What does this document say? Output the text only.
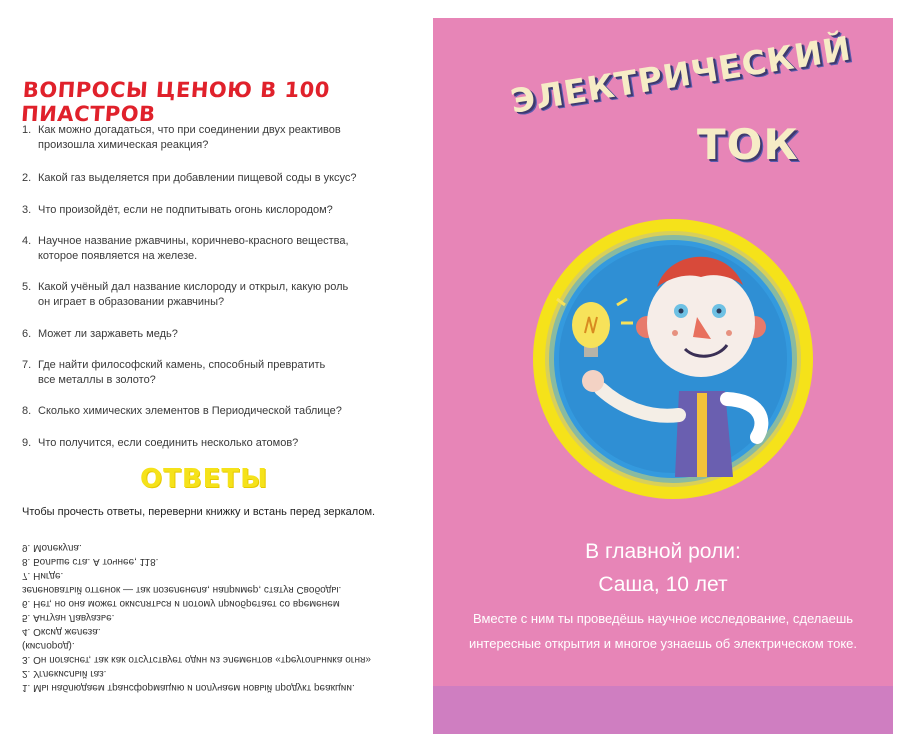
ВОПРОСЫ ЦЕНОЮ В 100 ПИАСТРОВ
1. Как можно догадаться, что при соединении двух реактивов
произошла химическая реакция?
2. Какой газ выделяется при добавлении пищевой соды в уксус?
3. Что произойдёт, если не подпитывать огонь кислородом?
4. Научное название ржавчины, коричнево-красного вещества,
которое появляется на железе.
5. Какой учёный дал название кислороду и открыл, какую роль
он играет в образовании ржавчины?
6. Может ли заржаветь медь?
7. Где найти философский камень, способный превратить
все металлы в золото?
8. Сколько химических элементов в Периодической таблице?
9. Что получится, если соединить несколько атомов?
ОТВЕТЫ
Чтобы прочесть ответы, переверни книжку и встань перед зеркалом.
1. Мы наблюдаем трансформацию и получаем новый продукт реакции.
2. Углекислый газ.
3. Он погаснет, так как отсутствует один из элементов «треугольника огня»
(кислород).
4. Оксид железа.
5. Антуан Лавуазье.
6. Нет, но она может окисляться и потому приобретает со временем
зеленоватый оттенок — так позеленела, например, статуя Свободы.
7. Нигде.
8. Больше ста. А точнее, 118.
9. Молекула.
ЭЛЕКТРИЧЕСКИЙ
ТОК
В главной роли:
Саша, 10 лет
Вместе с ним ты проведёшь научное исследование, сделаешь интересные открытия и многое узнаешь об электрическом токе.
